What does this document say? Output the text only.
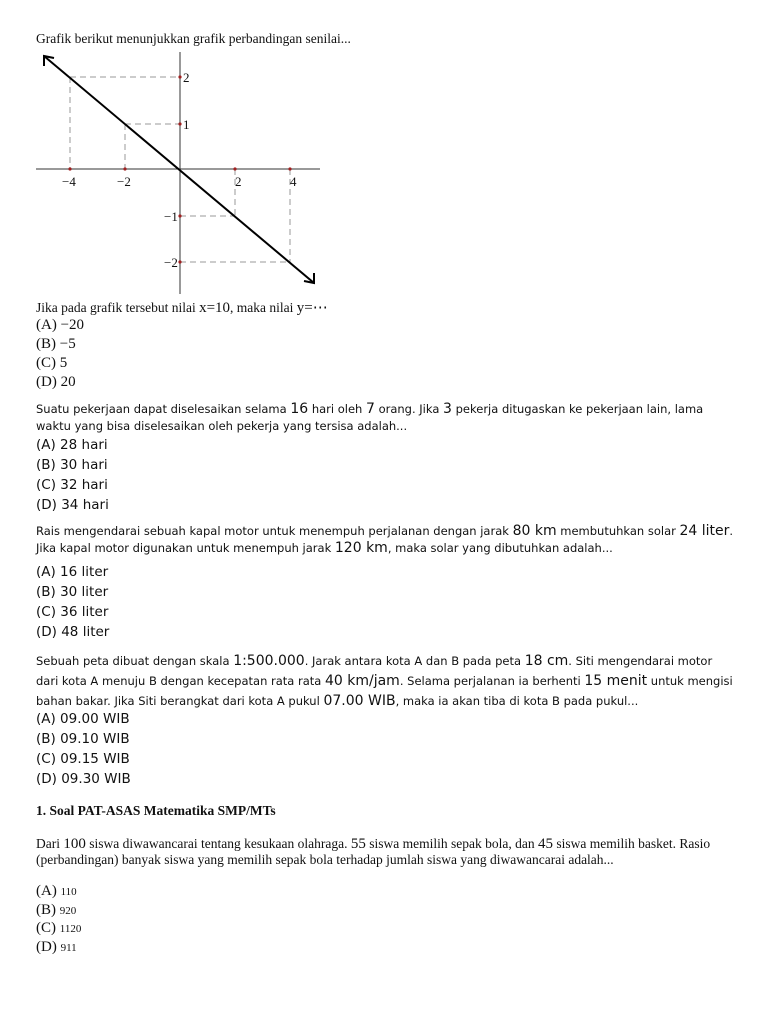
Grafik berikut menunjukkan grafik perbandingan senilai...
−4	−2	2	4
2
1
−1
−2
Jika pada grafik tersebut nilai x=10, maka nilai y=⋯
(A) −20
(B) −5
(C) 5
(D) 20
Suatu pekerjaan dapat diselesaikan selama 16 hari oleh 7 orang. Jika 3 pekerja ditugaskan ke pekerjaan lain, lama waktu yang bisa diselesaikan oleh pekerja yang tersisa adalah...
(A) 28 hari
(B) 30 hari
(C) 32 hari
(D) 34 hari
Rais mengendarai sebuah kapal motor untuk menempuh perjalanan dengan jarak 80 km membutuhkan solar 24 liter. Jika kapal motor digunakan untuk menempuh jarak 120 km, maka solar yang dibutuhkan adalah...
(A) 16 liter
(B) 30 liter
(C) 36 liter
(D) 48 liter
Sebuah peta dibuat dengan skala 1:500.000. Jarak antara kota A dan B pada peta 18 cm. Siti mengendarai motor dari kota A menuju B dengan kecepatan rata rata 40 km/jam. Selama perjalanan ia berhenti 15 menit untuk mengisi bahan bakar. Jika Siti berangkat dari kota A pukul 07.00 WIB, maka ia akan tiba di kota B pada pukul...
(A) 09.00 WIB
(B) 09.10 WIB
(C) 09.15 WIB
(D) 09.30 WIB
1. Soal PAT-ASAS Matematika SMP/MTs
Dari 100 siswa diwawancarai tentang kesukaan olahraga. 55 siswa memilih sepak bola, dan 45 siswa memilih basket. Rasio (perbandingan) banyak siswa yang memilih sepak bola terhadap jumlah siswa yang diwawancarai adalah...
(A) 110
(B) 920
(C) 1120
(D) 911
